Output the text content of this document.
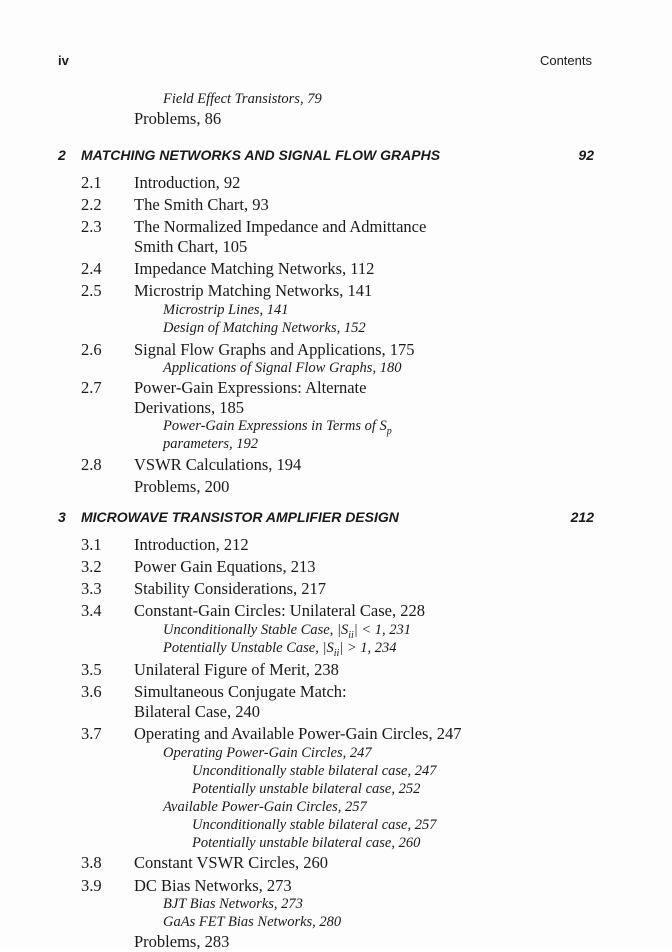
iv	Contents
Field Effect Transistors, 79
Problems, 86
2 MATCHING NETWORKS AND SIGNAL FLOW GRAPHS	92
2.1 Introduction, 92
2.2 The Smith Chart, 93
2.3 The Normalized Impedance and Admittance
Smith Chart, 105
2.4 Impedance Matching Networks, 112
2.5 Microstrip Matching Networks, 141
Microstrip Lines, 141
Design of Matching Networks, 152
2.6 Signal Flow Graphs and Applications, 175
Applications of Signal Flow Graphs, 180
2.7 Power-Gain Expressions: Alternate
Derivations, 185
Power-Gain Expressions in Terms of $S_p$
parameters, 192
2.8 VSWR Calculations, 194
Problems, 200
3 MICROWAVE TRANSISTOR AMPLIFIER DESIGN	212
3.1 Introduction, 212
3.2 Power Gain Equations, 213
3.3 Stability Considerations, 217
3.4 Constant-Gain Circles: Unilateral Case, 228
Unconditionally Stable Case, $|S_{ii}| < 1$, 231
Potentially Unstable Case, $|S_{ii}| > 1$, 234
3.5 Unilateral Figure of Merit, 238
3.6 Simultaneous Conjugate Match:
Bilateral Case, 240
3.7 Operating and Available Power-Gain Circles, 247
Operating Power-Gain Circles, 247
Unconditionally stable bilateral case, 247
Potentially unstable bilateral case, 252
Available Power-Gain Circles, 257
Unconditionally stable bilateral case, 257
Potentially unstable bilateral case, 260
3.8 Constant VSWR Circles, 260
3.9 DC Bias Networks, 273
BJT Bias Networks, 273
GaAs FET Bias Networks, 280
Problems, 283
